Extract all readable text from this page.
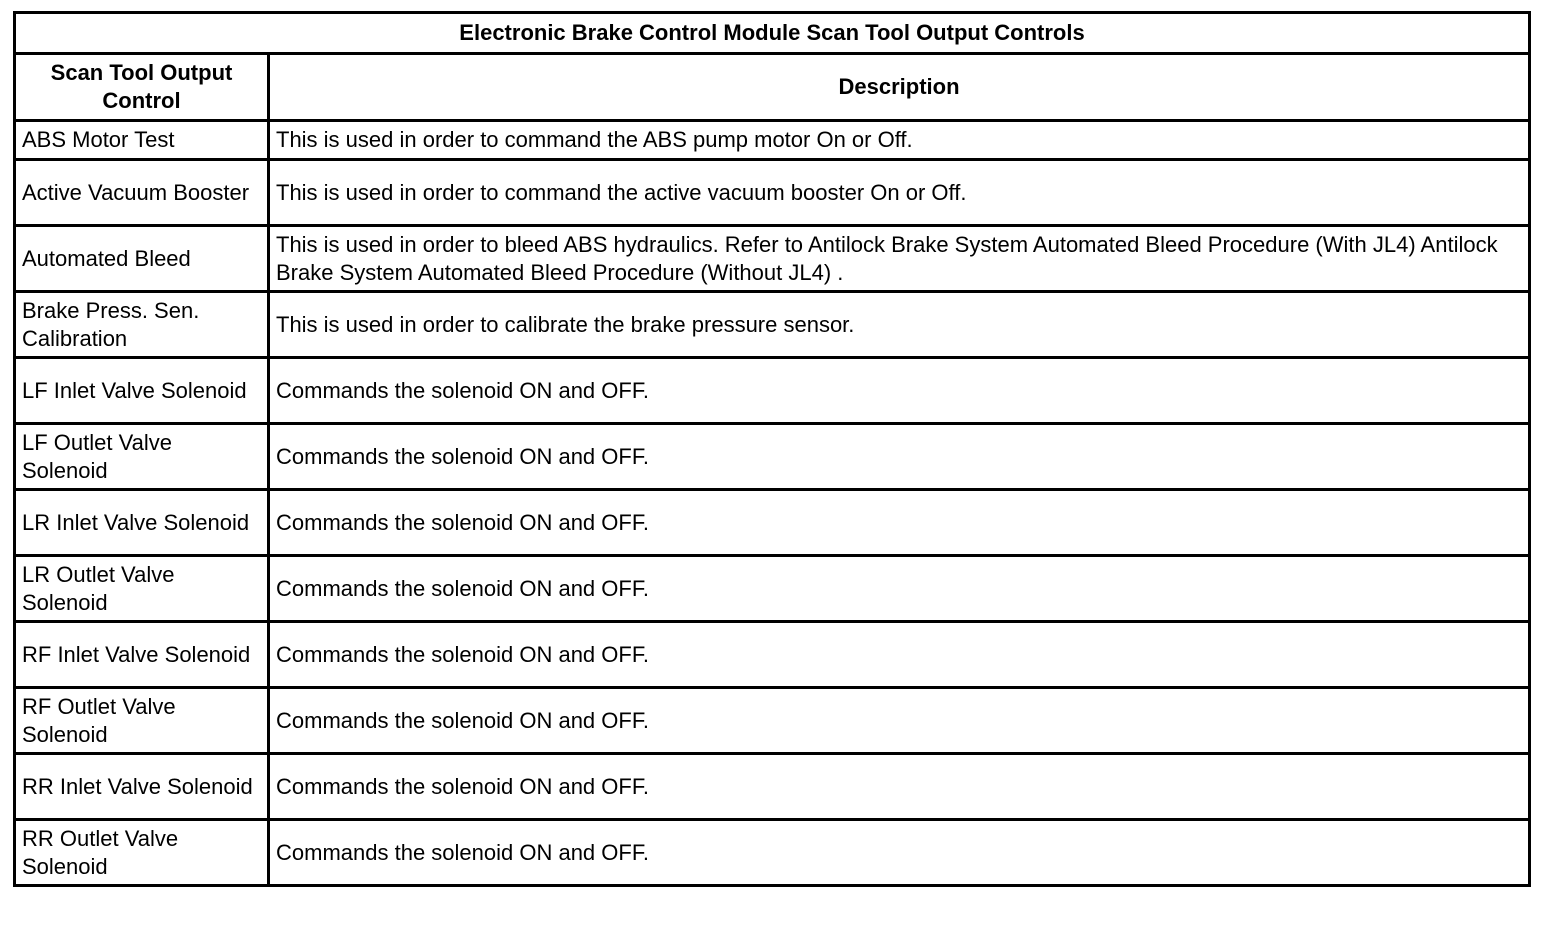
Electronic Brake Control Module Scan Tool Output Controls	
Scan Tool Output Control	Description
ABS Motor Test	This is used in order to command the ABS pump motor On or Off.
Active Vacuum Booster	This is used in order to command the active vacuum booster On or Off.
Automated Bleed	This is used in order to bleed ABS hydraulics. Refer to Antilock Brake System Automated Bleed Procedure (With JL4) Antilock Brake System Automated Bleed Procedure (Without JL4) .
Brake Press. Sen. Calibration	This is used in order to calibrate the brake pressure sensor.
LF Inlet Valve Solenoid	Commands the solenoid ON and OFF.
LF Outlet Valve Solenoid	Commands the solenoid ON and OFF.
LR Inlet Valve Solenoid	Commands the solenoid ON and OFF.
LR Outlet Valve Solenoid	Commands the solenoid ON and OFF.
RF Inlet Valve Solenoid	Commands the solenoid ON and OFF.
RF Outlet Valve Solenoid	Commands the solenoid ON and OFF.
RR Inlet Valve Solenoid	Commands the solenoid ON and OFF.
RR Outlet Valve Solenoid	Commands the solenoid ON and OFF.
